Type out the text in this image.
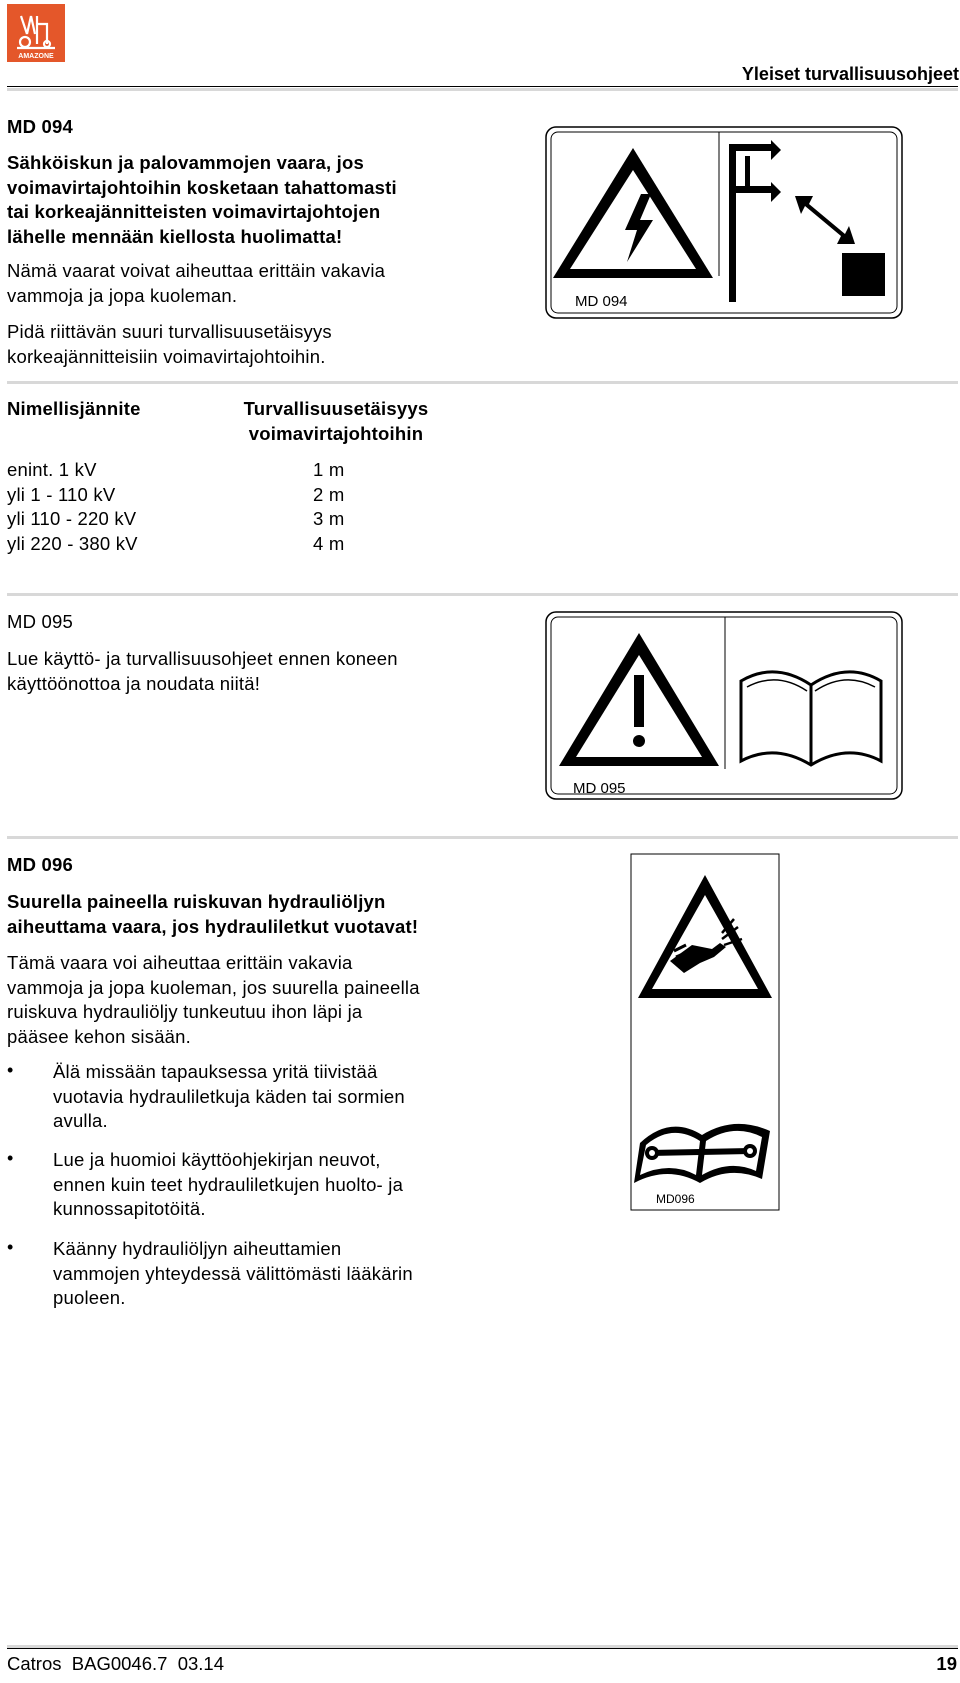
AMAZONE
Yleiset turvallisuusohjeet
MD 094
Sähköiskun ja palovammojen vaara, jos
voimavirtajohtoihin kosketaan tahattomasti
tai korkeajännitteisten voimavirtajohtojen
lähelle mennään kiellosta huolimatta!
Nämä vaarat voivat aiheuttaa erittäin vakavia
vammoja ja jopa kuoleman.
Pidä riittävän suuri turvallisuusetäisyys
korkeajännitteisiin voimavirtajohtoihin.
MD 094
Nimellisjännite	Turvallisuusetäisyys
voimavirtajohtoihin
enint. 1 kV
yli 1 - 110 kV
yli 110 - 220 kV
yli 220 - 380 kV
1 m
2 m
3 m
4 m
MD 095
Lue käyttö- ja turvallisuusohjeet ennen koneen
käyttöönottoa ja noudata niitä!
MD 095
MD 096
Suurella paineella ruiskuvan hydrauliöljyn
aiheuttama vaara, jos hydrauliletkut vuotavat!
Tämä vaara voi aiheuttaa erittäin vakavia
vammoja ja jopa kuoleman, jos suurella paineella
ruiskuva hydrauliöljy tunkeutuu ihon läpi ja
pääsee kehon sisään.
• Älä missään tapauksessa yritä tiivistää
vuotavia hydrauliletkuja käden tai sormien
avulla.
• Lue ja huomioi käyttöohjekirjan neuvot,
ennen kuin teet hydrauliletkujen huolto- ja
kunnossapitotöitä.
• Käänny hydrauliöljyn aiheuttamien
vammojen yhteydessä välittömästi lääkärin
puoleen.
MD096
Catros  BAG0046.7  03.14	19
